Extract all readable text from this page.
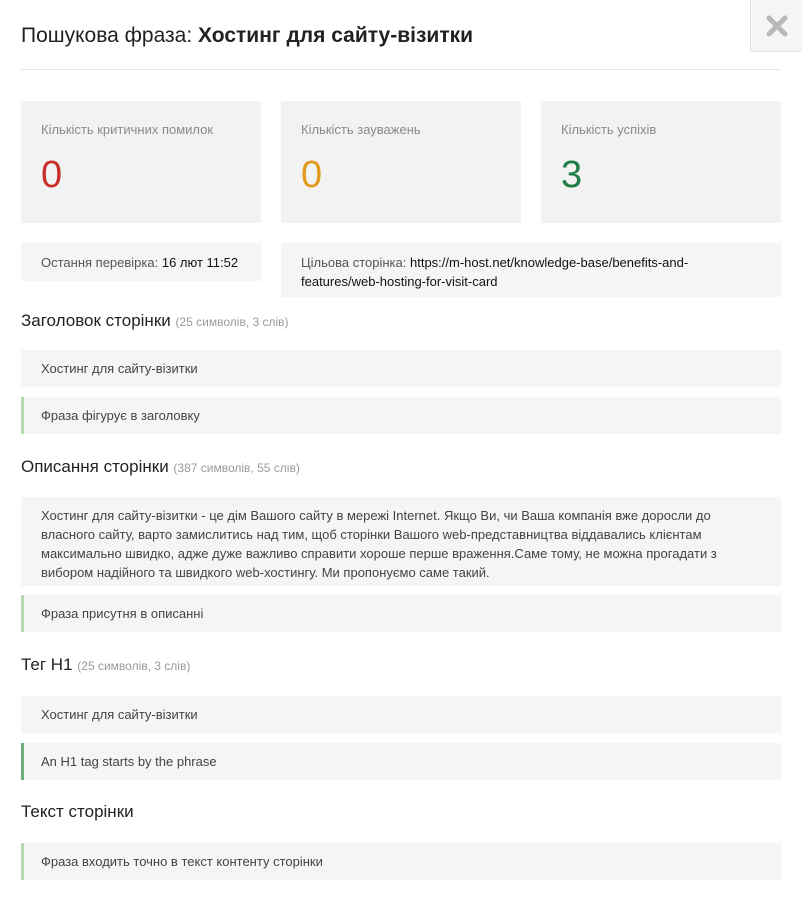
Пошукова фраза: Хостинг для сайту-візитки
Кількість критичних помилок
0
Кількість зауважень
0
Кількість успіхів
3
Остання перевірка: 16 лют 11:52	Цільова сторінка: https://m-host.net/knowledge-base/benefits-and-features/web-hosting-for-visit-card
Заголовок сторінки (25 символів, 3 слів)
Хостинг для сайту-візитки
Фраза фігурує в заголовку
Описання сторінки (387 символів, 55 слів)
Хостинг для сайту-візитки - це дім Вашого сайту в мережі Internet. Якщо Ви, чи Ваша компанія вже доросли до власного сайту, варто замислитись над тим, щоб сторінки Вашого web-представництва віддавались клієнтам максимально швидко, адже дуже важливо справити хороше перше враження.Саме тому, не можна прогадати з вибором надійного та швидкого web-хостингу. Ми пропонуємо саме такий.
Фраза присутня в описанні
Тег H1 (25 символів, 3 слів)
Хостинг для сайту-візитки
An H1 tag starts by the phrase
Текст сторінки
Фраза входить точно в текст контенту сторінки
